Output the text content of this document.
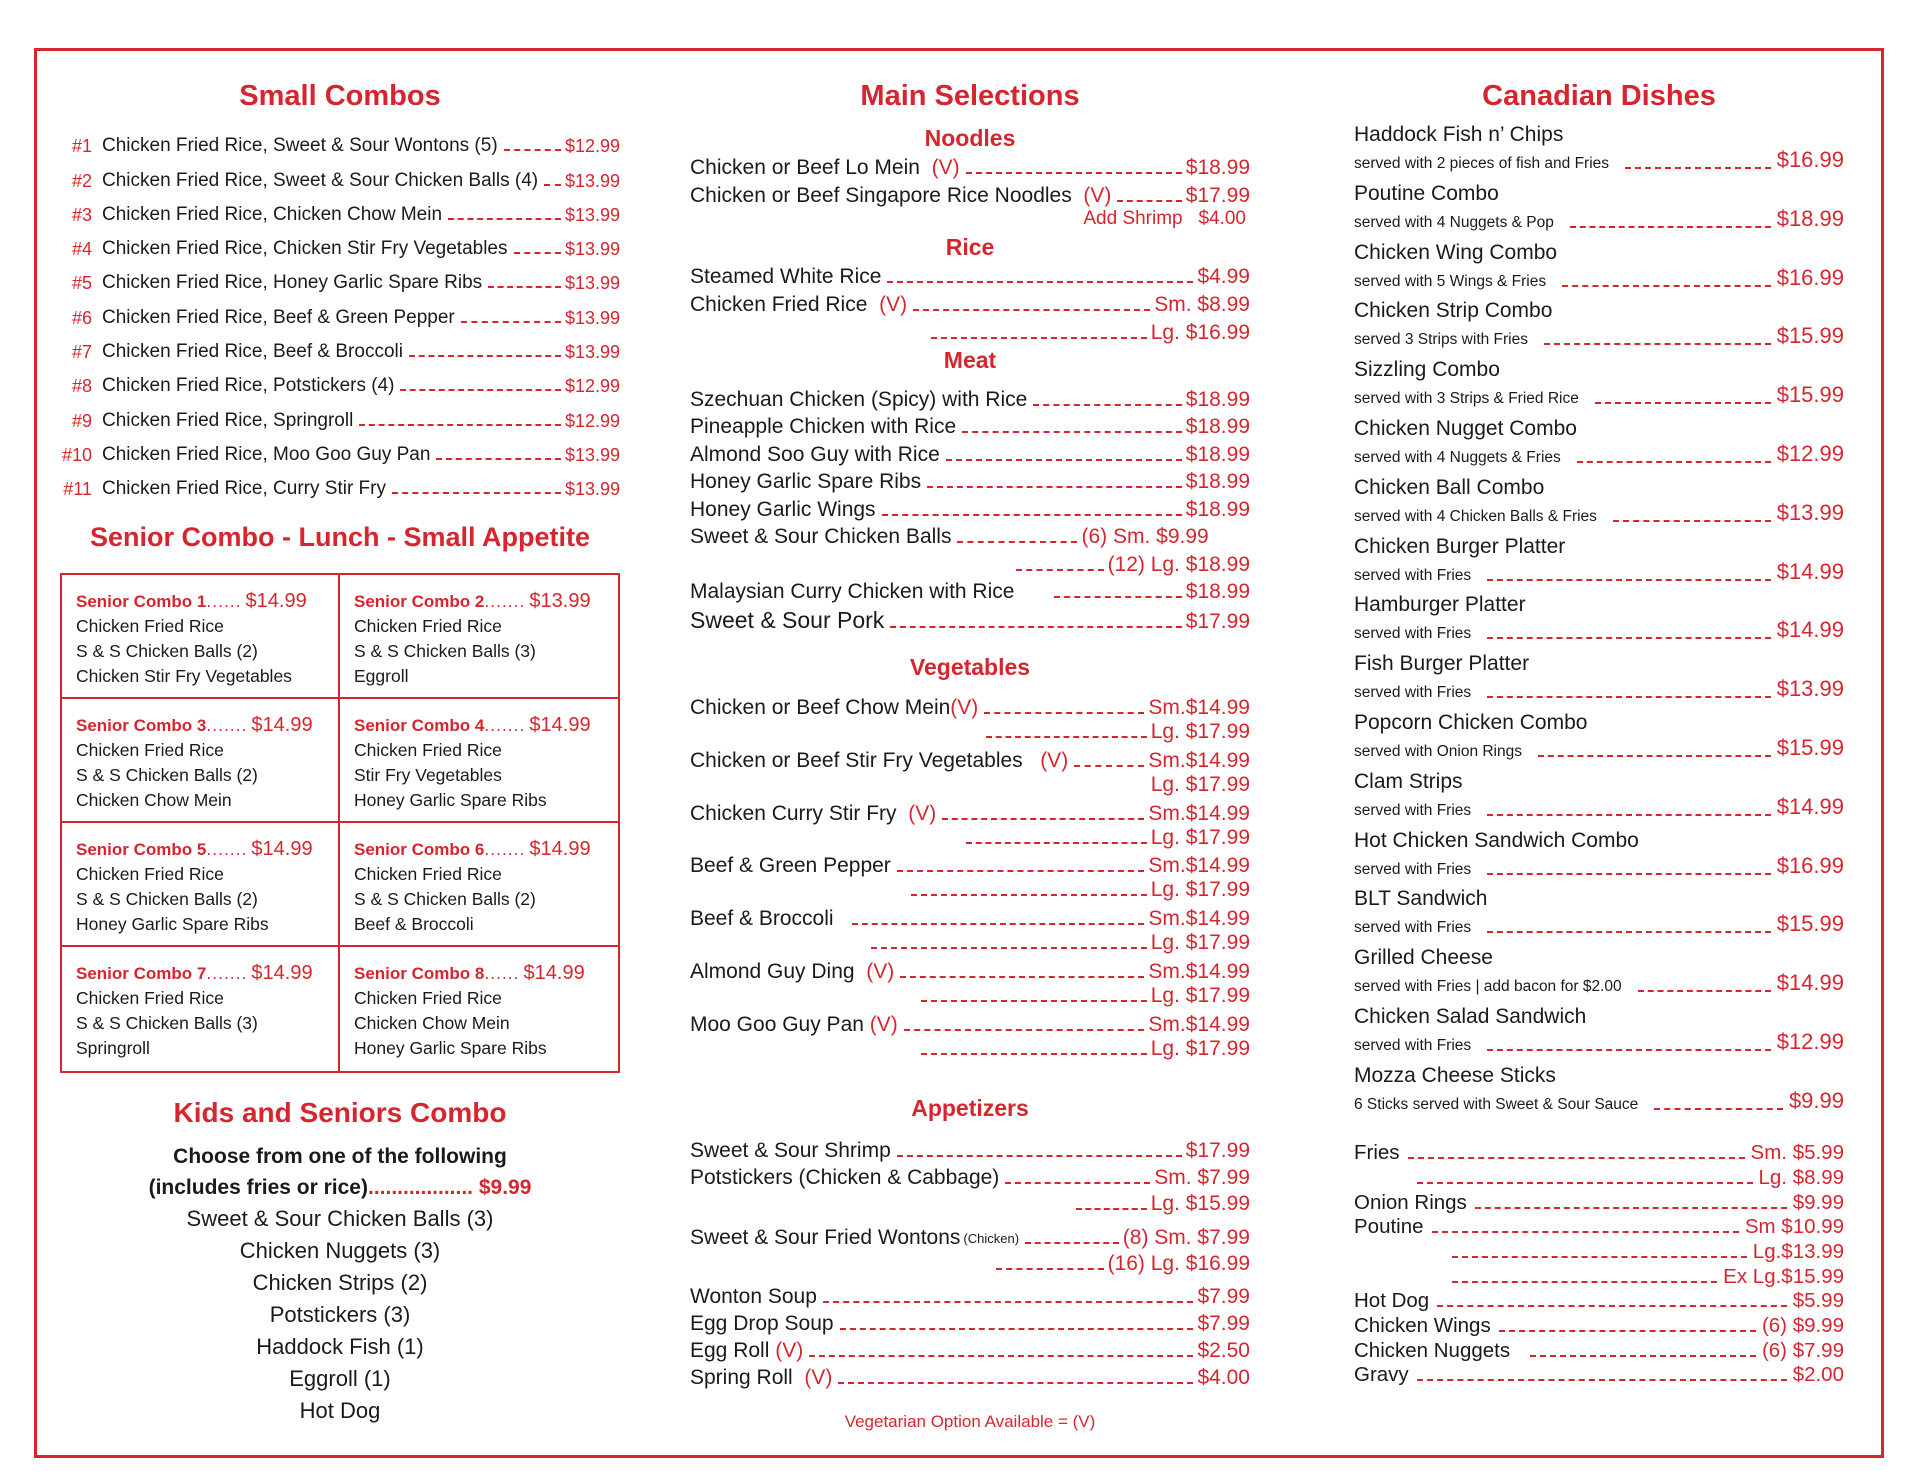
Small Combos
#1 Chicken Fried Rice, Sweet & Sour Wontons (5)	$12.99
#2 Chicken Fried Rice, Sweet & Sour Chicken Balls (4) $13.99
#3 Chicken Fried Rice, Chicken Chow Mein	$13.99
#4 Chicken Fried Rice, Chicken Stir Fry Vegetables	$13.99
#5 Chicken Fried Rice, Honey Garlic Spare Ribs	$13.99
#6 Chicken Fried Rice, Beef & Green Pepper	$13.99
#7 Chicken Fried Rice, Beef & Broccoli	$13.99
#8 Chicken Fried Rice, Potstickers (4)	$12.99
#9 Chicken Fried Rice, Springroll	$12.99
#10 Chicken Fried Rice, Moo Goo Guy Pan	$13.99
#11 Chicken Fried Rice, Curry Stir Fry	$13.99
Senior Combo - Lunch - Small Appetite
Senior Combo 1 ...... $14.99
Chicken Fried Rice
S & S Chicken Balls (2)
Chicken Stir Fry Vegetables
Senior Combo 2 ....... $13.99
Chicken Fried Rice
S & S Chicken Balls (3)
Eggroll
Senior Combo 3 ....... $14.99
Chicken Fried Rice
S & S Chicken Balls (2)
Chicken Chow Mein
Senior Combo 4 ....... $14.99
Chicken Fried Rice
Stir Fry Vegetables
Honey Garlic Spare Ribs
Senior Combo 5 ....... $14.99
Chicken Fried Rice
S & S Chicken Balls (2)
Honey Garlic Spare Ribs
Senior Combo 6 ....... $14.99
Chicken Fried Rice
S & S Chicken Balls (2)
Beef & Broccoli
Senior Combo 7 ....... $14.99
Chicken Fried Rice
S & S Chicken Balls (3)
Springroll
Senior Combo 8 ...... $14.99
Chicken Fried Rice
Chicken Chow Mein
Honey Garlic Spare Ribs
Kids and Seniors Combo
Choose from one of the following
(includes fries or rice).................. $9.99
Sweet & Sour Chicken Balls (3)
Chicken Nuggets (3)
Chicken Strips (2)
Potstickers (3)
Haddock Fish (1)
Eggroll (1)
Hot Dog
Main Selections
Noodles
Chicken or Beef Lo Mein
(V)	$18.99
Chicken or Beef Singapore Rice Noodles
(V)	$17.99
Add Shrimp $4.00
Rice
Steamed White Rice	$4.99
Chicken Fried Rice
(V)	Sm. $8.99
Lg. $16.99
Meat
Szechuan Chicken (Spicy) with Rice	$18.99
Pineapple Chicken with Rice	$18.99
Almond Soo Guy with Rice	$18.99
Honey Garlic Spare Ribs	$18.99
Honey Garlic Wings	$18.99
Sweet & Sour Chicken Balls	(6) Sm. $9.99
(12) Lg. $18.99
Malaysian Curry Chicken with Rice	$18.99
Sweet & Sour Pork	$17.99
Vegetables
Chicken or Beef Chow Mein (V)	Sm.$14.99
Lg. $17.99
Chicken or Beef Stir Fry Vegetables
(V)	Sm.$14.99
Lg. $17.99
Chicken Curry Stir Fry
(V)	Sm.$14.99
Lg. $17.99
Beef & Green Pepper	Sm.$14.99
Lg. $17.99
Beef & Broccoli	Sm.$14.99
Lg. $17.99
Almond Guy Ding
(V)	Sm.$14.99
Lg. $17.99
Moo Goo Guy Pan
(V)	Sm.$14.99
Lg. $17.99
Appetizers
Sweet & Sour Shrimp	$17.99
Potstickers (Chicken & Cabbage)	Sm. $7.99
Lg. $15.99
Sweet & Sour Fried Wontons (Chicken)	(8) Sm. $7.99
(16) Lg. $16.99
Wonton Soup	$7.99
Egg Drop Soup	$7.99
Egg Roll
(V)	$2.50
Spring Roll
(V)	$4.00
Vegetarian Option Available = (V)
Canadian Dishes
Haddock Fish n’ Chips
served with 2 pieces of fish and Fries	$16.99
Poutine Combo
served with 4 Nuggets & Pop	$18.99
Chicken Wing Combo
served with 5 Wings & Fries	$16.99
Chicken Strip Combo
served 3 Strips with Fries	$15.99
Sizzling Combo
served with 3 Strips & Fried Rice	$15.99
Chicken Nugget Combo
served with 4 Nuggets & Fries	$12.99
Chicken Ball Combo
served with 4 Chicken Balls & Fries	$13.99
Chicken Burger Platter
served with Fries	$14.99
Hamburger Platter
served with Fries	$14.99
Fish Burger Platter
served with Fries	$13.99
Popcorn Chicken Combo
served with Onion Rings	$15.99
Clam Strips
served with Fries	$14.99
Hot Chicken Sandwich Combo
served with Fries	$16.99
BLT Sandwich
served with Fries	$15.99
Grilled Cheese
served with Fries | add bacon for $2.00	$14.99
Chicken Salad Sandwich
served with Fries	$12.99
Mozza Cheese Sticks
6 Sticks served with Sweet & Sour Sauce	$9.99
Fries	Sm. $5.99
Lg. $8.99
Onion Rings	$9.99
Poutine	Sm $10.99
Lg.$13.99
Ex Lg.$15.99
Hot Dog	$5.99
Chicken Wings	(6) $9.99
Chicken Nuggets	(6) $7.99
Gravy	$2.00
